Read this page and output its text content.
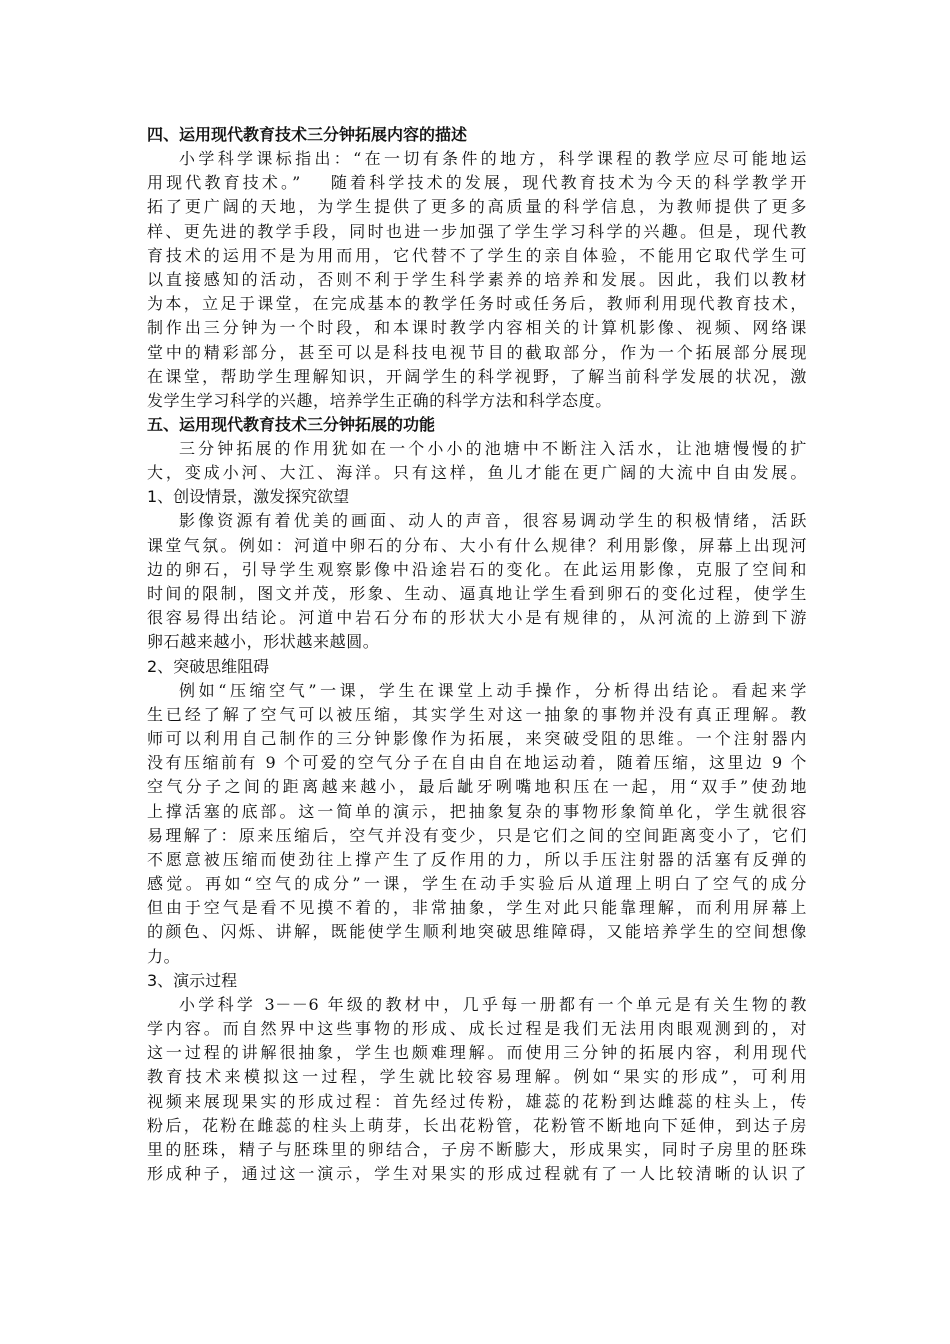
四、运用现代教育技术三分钟拓展内容的描述
小学科学课标指出：“在一切有条件的地方，科学课程的教学应尽可能地运
用现代教育技术。”　 随着科学技术的发展，现代教育技术为今天的科学教学开
拓了更广阔的天地，为学生提供了更多的高质量的科学信息，为教师提供了更多
样、更先进的教学手段，同时也进一步加强了学生学习科学的兴趣。但是，现代教
育技术的运用不是为用而用，它代替不了学生的亲自体验，不能用它取代学生可
以直接感知的活动，否则不利于学生科学素养的培养和发展。因此，我们以教材
为本，立足于课堂，在完成基本的教学任务时或任务后，教师利用现代教育技术，
制作出三分钟为一个时段，和本课时教学内容相关的计算机影像、视频、网络课
堂中的精彩部分，甚至可以是科技电视节目的截取部分，作为一个拓展部分展现
在课堂，帮助学生理解知识，开阔学生的科学视野，了解当前科学发展的状况，激
发学生学习科学的兴趣，培养学生正确的科学方法和科学态度。
五、运用现代教育技术三分钟拓展的功能
三分钟拓展的作用犹如在一个小小的池塘中不断注入活水，让池塘慢慢的扩
大，变成小河、大江、海洋。只有这样，鱼儿才能在更广阔的大流中自由发展。
1、创设情景，激发探究欲望
影像资源有着优美的画面、动人的声音，很容易调动学生的积极情绪，活跃
课堂气氛。例如：河道中卵石的分布、大小有什么规律？利用影像，屏幕上出现河
边的卵石，引导学生观察影像中沿途岩石的变化。在此运用影像，克服了空间和
时间的限制，图文并茂，形象、生动、逼真地让学生看到卵石的变化过程，使学生
很容易得出结论。河道中岩石分布的形状大小是有规律的，从河流的上游到下游
卵石越来越小，形状越来越圆。
2、突破思维阻碍
例如“压缩空气”一课，学生在课堂上动手操作，分析得出结论。看起来学
生已经了解了空气可以被压缩，其实学生对这一抽象的事物并没有真正理解。教
师可以利用自己制作的三分钟影像作为拓展，来突破受阻的思维。一个注射器内
没有压缩前有 9 个可爱的空气分子在自由自在地运动着，随着压缩，这里边 9 个
空气分子之间的距离越来越小，最后龇牙咧嘴地积压在一起，用“双手”使劲地
上撑活塞的底部。这一简单的演示，把抽象复杂的事物形象简单化，学生就很容
易理解了：原来压缩后，空气并没有变少，只是它们之间的空间距离变小了，它们
不愿意被压缩而使劲往上撑产生了反作用的力，所以手压注射器的活塞有反弹的
感觉。再如“空气的成分”一课，学生在动手实验后从道理上明白了空气的成分
但由于空气是看不见摸不着的，非常抽象，学生对此只能靠理解，而利用屏幕上
的颜色、闪烁、讲解，既能使学生顺利地突破思维障碍，又能培养学生的空间想像
力。
3、演示过程
小学科学 3－－6 年级的教材中，几乎每一册都有一个单元是有关生物的教
学内容。而自然界中这些事物的形成、成长过程是我们无法用肉眼观测到的，对
这一过程的讲解很抽象，学生也颇难理解。而使用三分钟的拓展内容，利用现代
教育技术来模拟这一过程，学生就比较容易理解。例如“果实的形成”，可利用
视频来展现果实的形成过程：首先经过传粉，雄蕊的花粉到达雌蕊的柱头上，传
粉后，花粉在雌蕊的柱头上萌芽，长出花粉管，花粉管不断地向下延伸，到达子房
里的胚珠，精子与胚珠里的卵结合，子房不断膨大，形成果实，同时子房里的胚珠
形成种子，通过这一演示，学生对果实的形成过程就有了一人比较清晰的认识了
